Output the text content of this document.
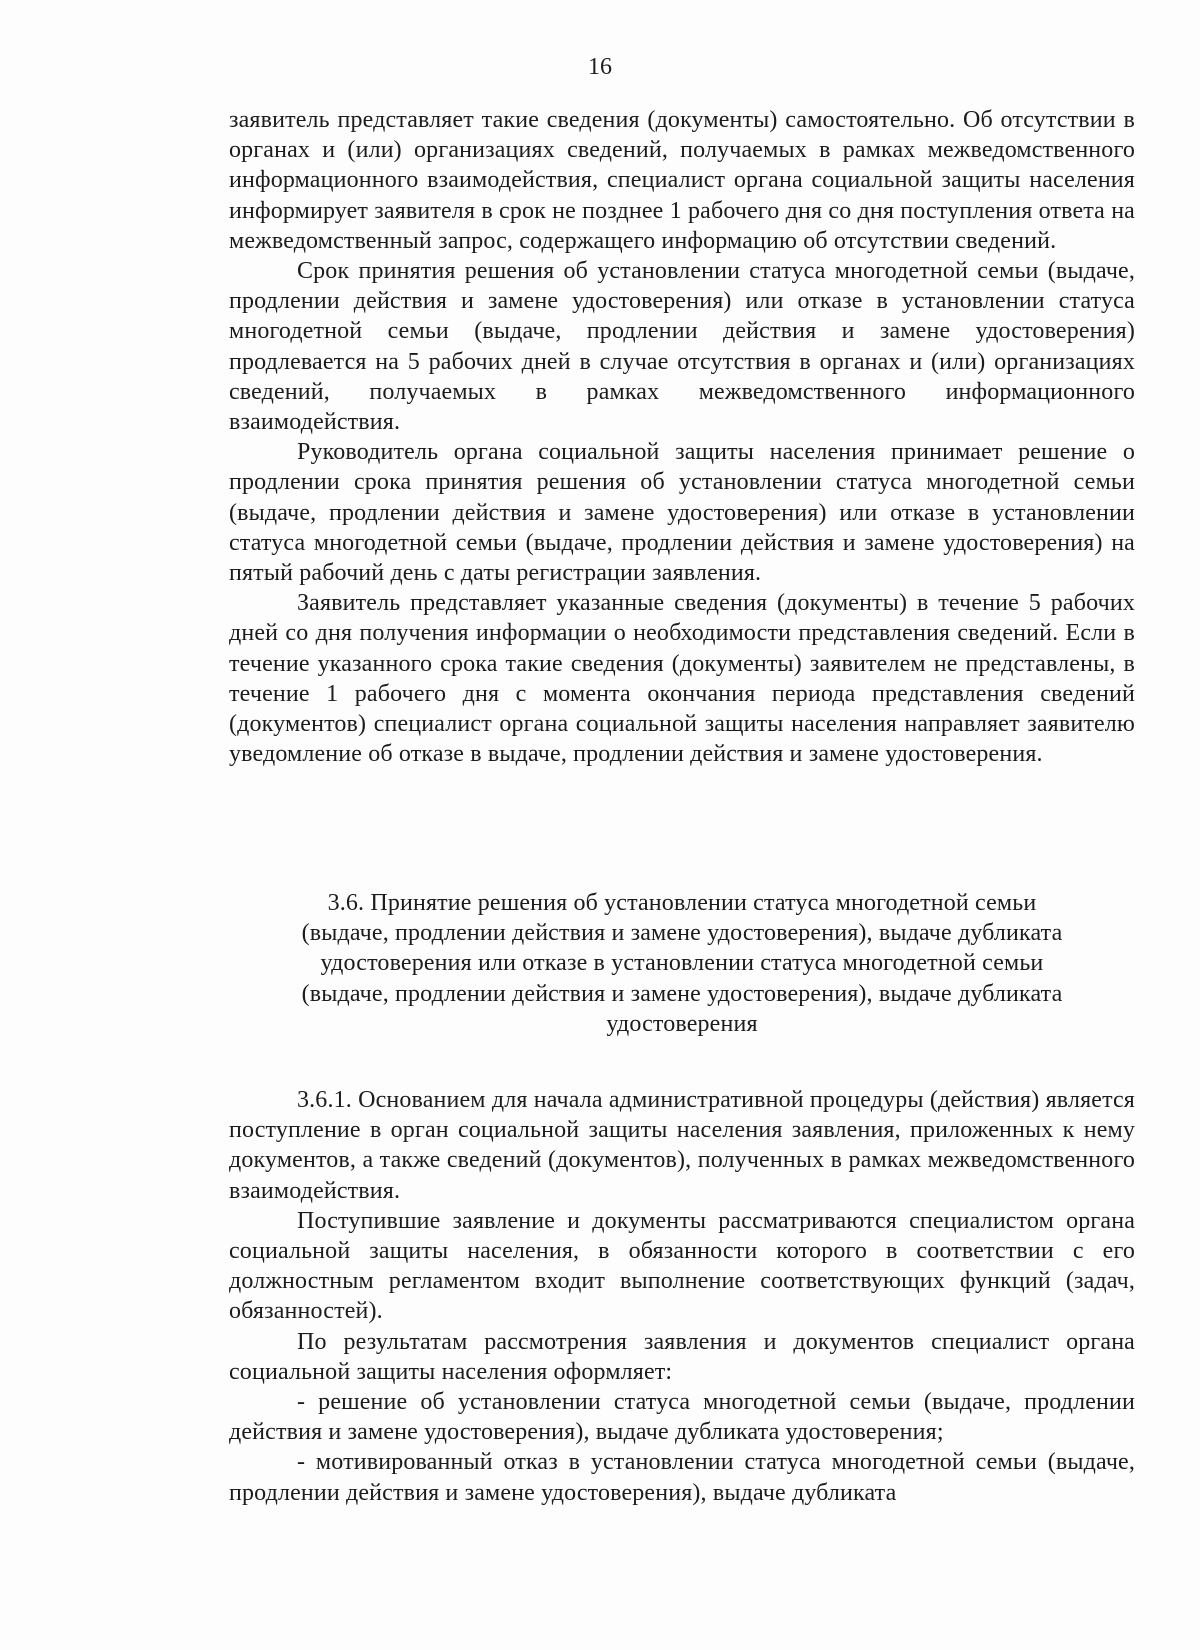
16

заявитель представляет такие сведения (документы) самостоятельно. Об отсутствии в органах и (или) организациях сведений, получаемых в рамках межведомственного информационного взаимодействия, специалист органа социальной защиты населения информирует заявителя в срок не позднее 1 рабочего дня со дня поступления ответа на межведомственный запрос, содержащего информацию об отсутствии сведений.

Срок принятия решения об установлении статуса многодетной семьи (выдаче, продлении действия и замене удостоверения) или отказе в установлении статуса многодетной семьи (выдаче, продлении действия и замене удостоверения) продлевается на 5 рабочих дней в случае отсутствия в органах и (или) организациях сведений, получаемых в рамках межведомственного информационного взаимодействия.

Руководитель органа социальной защиты населения принимает решение о продлении срока принятия решения об установлении статуса многодетной семьи (выдаче, продлении действия и замене удостоверения) или отказе в установлении статуса многодетной семьи (выдаче, продлении действия и замене удостоверения) на пятый рабочий день с даты регистрации заявления.

Заявитель представляет указанные сведения (документы) в течение 5 рабочих дней со дня получения информации о необходимости представления сведений. Если в течение указанного срока такие сведения (документы) заявителем не представлены, в течение 1 рабочего дня с момента окончания периода представления сведений (документов) специалист органа социальной защиты населения направляет заявителю уведомление об отказе в выдаче, продлении действия и замене удостоверения.

3.6. Принятие решения об установлении статуса многодетной семьи
(выдаче, продлении действия и замене удостоверения), выдаче дубликата
удостоверения или отказе в установлении статуса многодетной семьи
(выдаче, продлении действия и замене удостоверения), выдаче дубликата
удостоверения

3.6.1. Основанием для начала административной процедуры (действия) является поступление в орган социальной защиты населения заявления, приложенных к нему документов, а также сведений (документов), полученных в рамках межведомственного взаимодействия.

Поступившие заявление и документы рассматриваются специалистом органа социальной защиты населения, в обязанности которого в соответствии с его должностным регламентом входит выполнение соответствующих функций (задач, обязанностей).

По результатам рассмотрения заявления и документов специалист органа социальной защиты населения оформляет:

- решение об установлении статуса многодетной семьи (выдаче, продлении действия и замене удостоверения), выдаче дубликата удостоверения;

- мотивированный отказ в установлении статуса многодетной семьи (выдаче, продлении действия и замене удостоверения), выдаче дубликата
